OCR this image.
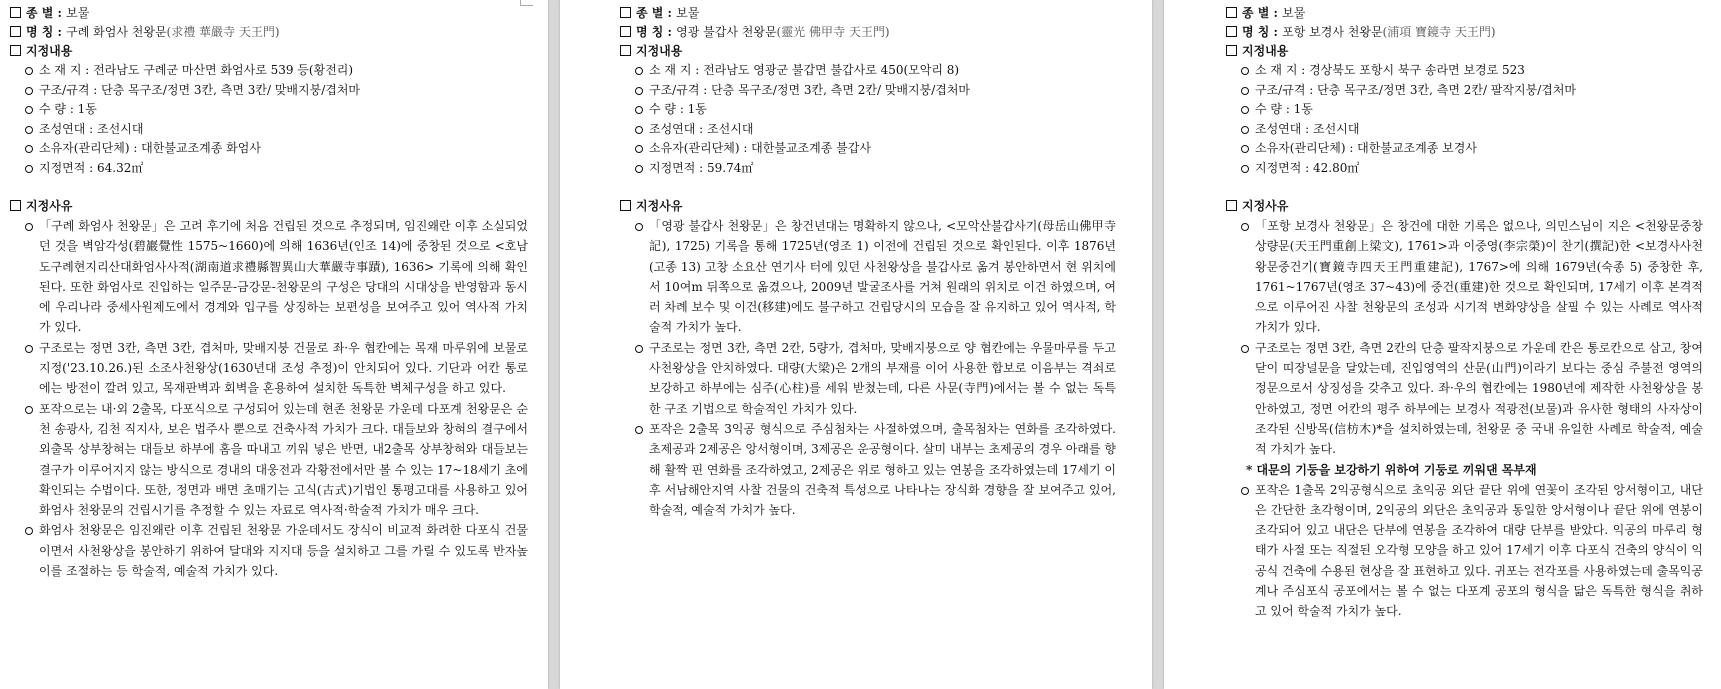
종 별 : 보물
명 칭 : 구례 화엄사 천왕문(求禮 華嚴寺 天王門)
지정내용
소 재 지 : 전라남도 구례군 마산면 화엄사로 539 등(황전리)
구조/규격 : 단층 목구조/정면 3칸, 측면 3칸/ 맞배지붕/겹처마
수 량 : 1동
조성연대 : 조선시대
소유자(관리단체) : 대한불교조계종 화엄사
지정면적 : 64.32㎡
지정사유
「구례 화엄사 천왕문」은 고려 후기에 처음 건립된 것으로 추정되며, 임진왜란 이후 소실되었던 것을 벽암각성(碧巖覺性 1575~1660)에 의해 1636년(인조 14)에 중창된 것으로 <호남도구례현지리산대화엄사사적(湖南道求禮縣智異山大華嚴寺事蹟), 1636> 기록에 의해 확인된다. 또한 화엄사로 진입하는 일주문-금강문-천왕문의 구성은 당대의 시대상을 반영함과 동시에 우리나라 중세사원제도에서 경계와 입구를 상징하는 보편성을 보여주고 있어 역사적 가치가 있다.
구조로는 정면 3칸, 측면 3칸, 겹처마, 맞배지붕 건물로 좌·우 협칸에는 목재 마루위에 보물로 지정('23.10.26.)된 소조사천왕상(1630년대 조성 추정)이 안치되어 있다. 기단과 어칸 통로에는 방전이 깔려 있고, 목재판벽과 회벽을 혼용하여 설치한 독특한 벽체구성을 하고 있다.
포작으로는 내·외 2출목, 다포식으로 구성되어 있는데 현존 천왕문 가운데 다포계 천왕문은 순천 송광사, 김천 직지사, 보은 법주사 뿐으로 건축사적 가치가 크다. 대들보와 창혀의 결구에서 외출목 상부창혀는 대들보 하부에 홈을 따내고 끼워 넣은 반면, 내2출목 상부창혀와 대들보는 결구가 이루어지지 않는 방식으로 경내의 대웅전과 각황전에서만 볼 수 있는 17~18세기 초에 확인되는 수법이다. 또한, 정면과 배면 초매기는 고식(古式)기법인 통평고대를 사용하고 있어 화엄사 천왕문의 건립시기를 추정할 수 있는 자료로 역사적·학술적 가치가 매우 크다.
화엄사 천왕문은 임진왜란 이후 건립된 천왕문 가운데서도 장식이 비교적 화려한 다포식 건물이면서 사천왕상을 봉안하기 위하여 달대와 지지대 등을 설치하고 그를 가릴 수 있도록 반자높이를 조절하는 등 학술적, 예술적 가치가 있다.
종 별 : 보물
명 칭 : 영광 불갑사 천왕문(靈光 佛甲寺 天王門)
지정내용
소 재 지 : 전라남도 영광군 불갑면 불갑사로 450(모악리 8)
구조/규격 : 단층 목구조/정면 3칸, 측면 2칸/ 맞배지붕/겹처마
수 량 : 1동
조성연대 : 조선시대
소유자(관리단체) : 대한불교조계종 불갑사
지정면적 : 59.74㎡
지정사유
「영광 불갑사 천왕문」은 창건년대는 명확하지 않으나, <모악산불갑사기(母岳山佛甲寺記), 1725) 기록을 통해 1725년(영조 1) 이전에 건립된 것으로 확인된다. 이후 1876년(고종 13) 고창 소요산 연기사 터에 있던 사천왕상을 불갑사로 옮겨 봉안하면서 현 위치에서 10여m 뒤쪽으로 옮겼으나, 2009년 발굴조사를 거쳐 원래의 위치로 이건 하였으며, 여러 차례 보수 및 이건(移建)에도 불구하고 건립당시의 모습을 잘 유지하고 있어 역사적, 학술적 가치가 높다.
구조로는 정면 3칸, 측면 2칸, 5량가, 겹처마, 맞배지붕으로 양 협칸에는 우물마루를 두고 사천왕상을 안치하였다. 대량(大梁)은 2개의 부재를 이어 사용한 합보로 이음부는 격쇠로 보강하고 하부에는 심주(心柱)를 세워 받쳤는데, 다른 사문(寺門)에서는 볼 수 없는 독특한 구조 기법으로 학술적인 가치가 있다.
포작은 2출목 3익공 형식으로 주심첨차는 사절하였으며, 출목첨차는 연화를 조각하였다. 초제공과 2제공은 앙서형이며, 3제공은 운공형이다. 살미 내부는 초제공의 경우 아래를 향해 활짝 핀 연화를 조각하였고, 2제공은 위로 형하고 있는 연봉을 조각하였는데 17세기 이후 서남해안지역 사찰 건물의 건축적 특성으로 나타나는 장식화 경향을 잘 보여주고 있어, 학술적, 예술적 가치가 높다.
종 별 : 보물
명 칭 : 포항 보경사 천왕문(浦項 寶鏡寺 天王門)
지정내용
소 재 지 : 경상북도 포항시 북구 송라면 보경로 523
구조/규격 : 단층 목구조/정면 3칸, 측면 2칸/ 팔작지붕/겹처마
수 량 : 1동
조성연대 : 조선시대
소유자(관리단체) : 대한불교조계종 보경사
지정면적 : 42.80㎡
지정사유
「포항 보경사 천왕문」은 창건에 대한 기록은 없으나, 의민스님이 지은 <천왕문중창상량문(天王門重創上梁文), 1761>과 이중영(李宗榮)이 찬기(撰記)한 <보경사사천왕문중건기(寶鏡寺四天王門重建記), 1767>에 의해 1679년(숙종 5) 중창한 후, 1761~1767년(영조 37~43)에 중건(重建)한 것으로 확인되며, 17세기 이후 본격적으로 이루어진 사찰 천왕문의 조성과 시기적 변화양상을 살필 수 있는 사례로 역사적 가치가 있다.
구조로는 정면 3칸, 측면 2칸의 단층 팔작지붕으로 가운데 칸은 통로칸으로 삼고, 창여닫이 띠장널문을 달았는데, 진입영역의 산문(山門)이라기 보다는 중심 주불전 영역의 정문으로서 상징성을 갖추고 있다. 좌·우의 협칸에는 1980년에 제작한 사천왕상을 봉안하였고, 정면 어칸의 평주 하부에는 보경사 적광전(보물)과 유사한 형태의 사자상이 조각된 신방목(信枋木)*을 설치하였는데, 천왕문 중 국내 유일한 사례로 학술적, 예술적 가치가 높다.
* 대문의 기둥을 보강하기 위하여 기둥로 끼워댄 목부재
포작은 1출목 2익공형식으로 초익공 외단 끝단 위에 연꽃이 조각된 앙서형이고, 내단은 간단한 초각형이며, 2익공의 외단은 초익공과 동일한 앙서형이나 끝단 위에 연봉이 조각되어 있고 내단은 단부에 연봉을 조각하여 대량 단부를 받았다. 익공의 마루리 형태가 사절 또는 직절된 오각형 모양을 하고 있어 17세기 이후 다포식 건축의 양식이 익공식 건축에 수용된 현상을 잘 표현하고 있다. 귀포는 전각포를 사용하였는데 출목익공계나 주심포식 공포에서는 볼 수 없는 다포계 공포의 형식을 닮은 독특한 형식을 취하고 있어 학술적 가치가 높다.
